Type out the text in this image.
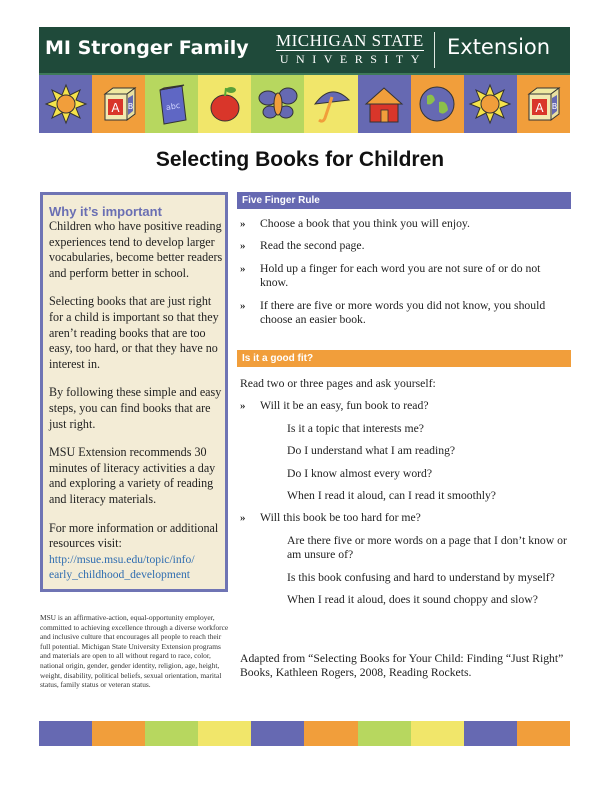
MI Stronger Family MICHIGAN STATE
UNIVERSITY Extension
A B	abc	A B
Selecting Books for Children
Why it’s important

Children who have positive reading experiences tend to develop larger vocabularies, become better readers and perform better in school.

Selecting books that are just right for a child is important so that they aren’t reading books that are too easy, too hard, or that they have no interest in.

By following these simple and easy steps, you can find books that are just right.

MSU Extension recommends 30 minutes of literacy activities a day and exploring a variety of reading and literacy materials.

For more information or additional resources visit:

http://msue.msu.edu/topic/info/
early_childhood_development
MSU is an affirmative-action, equal-opportunity employer, committed to achieving excellence through a diverse workforce and inclusive culture that encourages all people to reach their full potential. Michigan State University Extension programs and materials are open to all without regard to race, color, national origin, gender, gender identity, religion, age, height, weight, disability, political beliefs, sexual orientation, marital status, family status or veteran status.
Five Finger Rule
» Choose a book that you think you will enjoy.
» Read the second page.
» Hold up a finger for each word you are not sure of or do not know.
» If there are five or more words you did not know, you should choose an easier book.
Is it a good fit?
Read two or three pages and ask yourself:
» Will it be an easy, fun book to read?
Is it a topic that interests me?
Do I understand what I am reading?
Do I know almost every word?
When I read it aloud, can I read it smoothly?
» Will this book be too hard for me?
Are there five or more words on a page that I don’t know or am unsure of?
Is this book confusing and hard to understand by myself?
When I read it aloud, does it sound choppy and slow?
Adapted from “Selecting Books for Your Child: Finding “Just Right” Books, Kathleen Rogers, 2008, Reading Rockets.
